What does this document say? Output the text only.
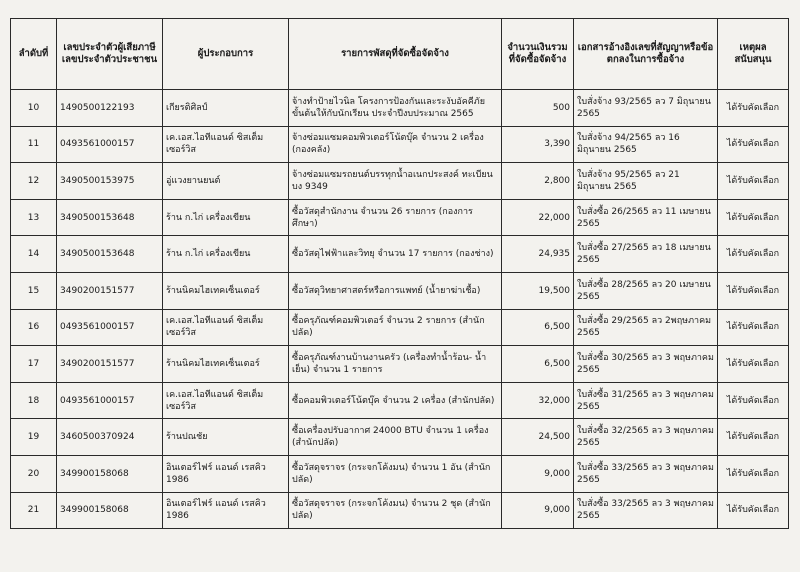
ลำดับที่	เลขประจำตัวผู้เสียภาษี เลขประจำตัวประชาชน	ผู้ประกอบการ	รายการพัสดุที่จัดซื้อจัดจ้าง	จำนวนเงินรวมที่จัดซื้อจัดจ้าง	เอกสารอ้างอิงเลขที่สัญญาหรือข้อตกลงในการซื้อจ้าง	เหตุผลสนับสนุน
10	1490500122193	เกียรติศิลป์	จ้างทำป้ายไวนิล โครงการป้องกันและระงับอัคคีภัย ขั้นต้นให้กับนักเรียน ประจำปีงบประมาณ 2565	500	ใบสั่งจ้าง 93/2565 ลว 7 มิถุนายน 2565	ได้รับคัดเลือก
11	0493561000157	เค.เอส.ไอทีแอนด์ ซิสเต็ม เซอร์วิส	จ้างซ่อมแซมคอมพิวเตอร์โน้ตบุ๊ค จำนวน 2 เครื่อง (กองคลัง)	3,390	ใบสั่งจ้าง 94/2565 ลว 16 มิถุนายน 2565	ได้รับคัดเลือก
12	3490500153975	อู่แวงยานยนต์	จ้างซ่อมแซมรถยนต์บรรทุกน้ำอเนกประสงค์ ทะเบียน บง 9349	2,800	ใบสั่งจ้าง 95/2565 ลว 21 มิถุนายน 2565	ได้รับคัดเลือก
13	3490500153648	ร้าน ก.ไก่ เครื่องเขียน	ซื้อวัสดุสำนักงาน จำนวน 26 รายการ (กองการศึกษา)	22,000	ใบสั่งซื้อ 26/2565 ลว 11 เมษายน 2565	ได้รับคัดเลือก
14	3490500153648	ร้าน ก.ไก่ เครื่องเขียน	ซื้อวัสดุไฟฟ้าและวิทยุ จำนวน 17 รายการ (กองช่าง)	24,935	ใบสั่งซื้อ 27/2565 ลว 18 เมษายน 2565	ได้รับคัดเลือก
15	3490200151577	ร้านนิคมไฮเทคเซ็นเตอร์	ซื้อวัสดุวิทยาศาสตร์หรือการแพทย์ (น้ำยาฆ่าเชื้อ)	19,500	ใบสั่งซื้อ 28/2565 ลว 20 เมษายน 2565	ได้รับคัดเลือก
16	0493561000157	เค.เอส.ไอทีแอนด์ ซิสเต็ม เซอร์วิส	ซื้อครุภัณฑ์คอมพิวเตอร์ จำนวน 2 รายการ (สำนักปลัด)	6,500	ใบสั่งซื้อ 29/2565 ลว 2พฤษภาคม 2565	ได้รับคัดเลือก
17	3490200151577	ร้านนิคมไฮเทคเซ็นเตอร์	ซื้อครุภัณฑ์งานบ้านงานครัว (เครื่องทำน้ำร้อน- น้ำเย็น) จำนวน 1 รายการ	6,500	ใบสั่งซื้อ 30/2565 ลว 3 พฤษภาคม 2565	ได้รับคัดเลือก
18	0493561000157	เค.เอส.ไอทีแอนด์ ซิสเต็ม เซอร์วิส	ซื้อคอมพิวเตอร์โน้ตบุ๊ค จำนวน 2 เครื่อง (สำนักปลัด)	32,000	ใบสั่งซื้อ 31/2565 ลว 3 พฤษภาคม 2565	ได้รับคัดเลือก
19	3460500370924	ร้านปณชัย	ซื้อเครื่องปรับอากาศ 24000 BTU จำนวน 1 เครื่อง (สำนักปลัด)	24,500	ใบสั่งซื้อ 32/2565 ลว 3 พฤษภาคม 2565	ได้รับคัดเลือก
20	349900158068	อินเตอร์ไฟร์ แอนด์ เรสคิว 1986	ซื้อวัสดุจราจร (กระจกโค้งมน) จำนวน 1 อัน (สำนักปลัด)	9,000	ใบสั่งซื้อ 33/2565 ลว 3 พฤษภาคม 2565	ได้รับคัดเลือก
21	349900158068	อินเตอร์ไฟร์ แอนด์ เรสคิว 1986	ซื้อวัสดุจราจร (กระจกโค้งมน) จำนวน 2 ชุด (สำนักปลัด)	9,000	ใบสั่งซื้อ 33/2565 ลว 3 พฤษภาคม 2565	ได้รับคัดเลือก
